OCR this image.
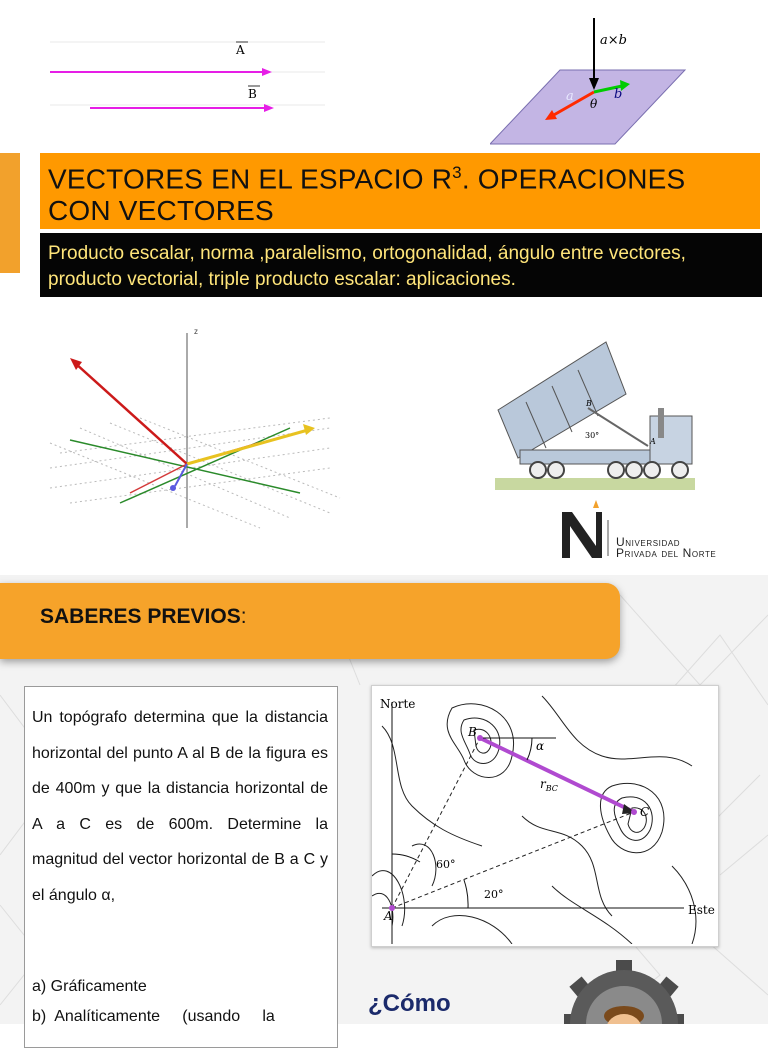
A
B
a×b
a	b
θ
VECTORES EN EL ESPACIO $R^3$. OPERACIONES
CON VECTORES
Producto escalar, norma ,paralelismo, ortogonalidad, ángulo entre vectores, producto vectorial, triple producto escalar: aplicaciones.
z
B
30°
A
Universidad
Privada del Norte
SABERES PREVIOS:
Un topógrafo determina que la distancia horizontal del punto A al B de la figura es de 400m y que la distancia horizontal de A a C es de 600m. Determine la magnitud del vector horizontal de B a C y el ángulo α,
a) Gráficamente
b)  Analíticamente     (usando     la
Norte
Este
A
B
C
α
$r_{BC}$
60°
20°
¿Cómo
